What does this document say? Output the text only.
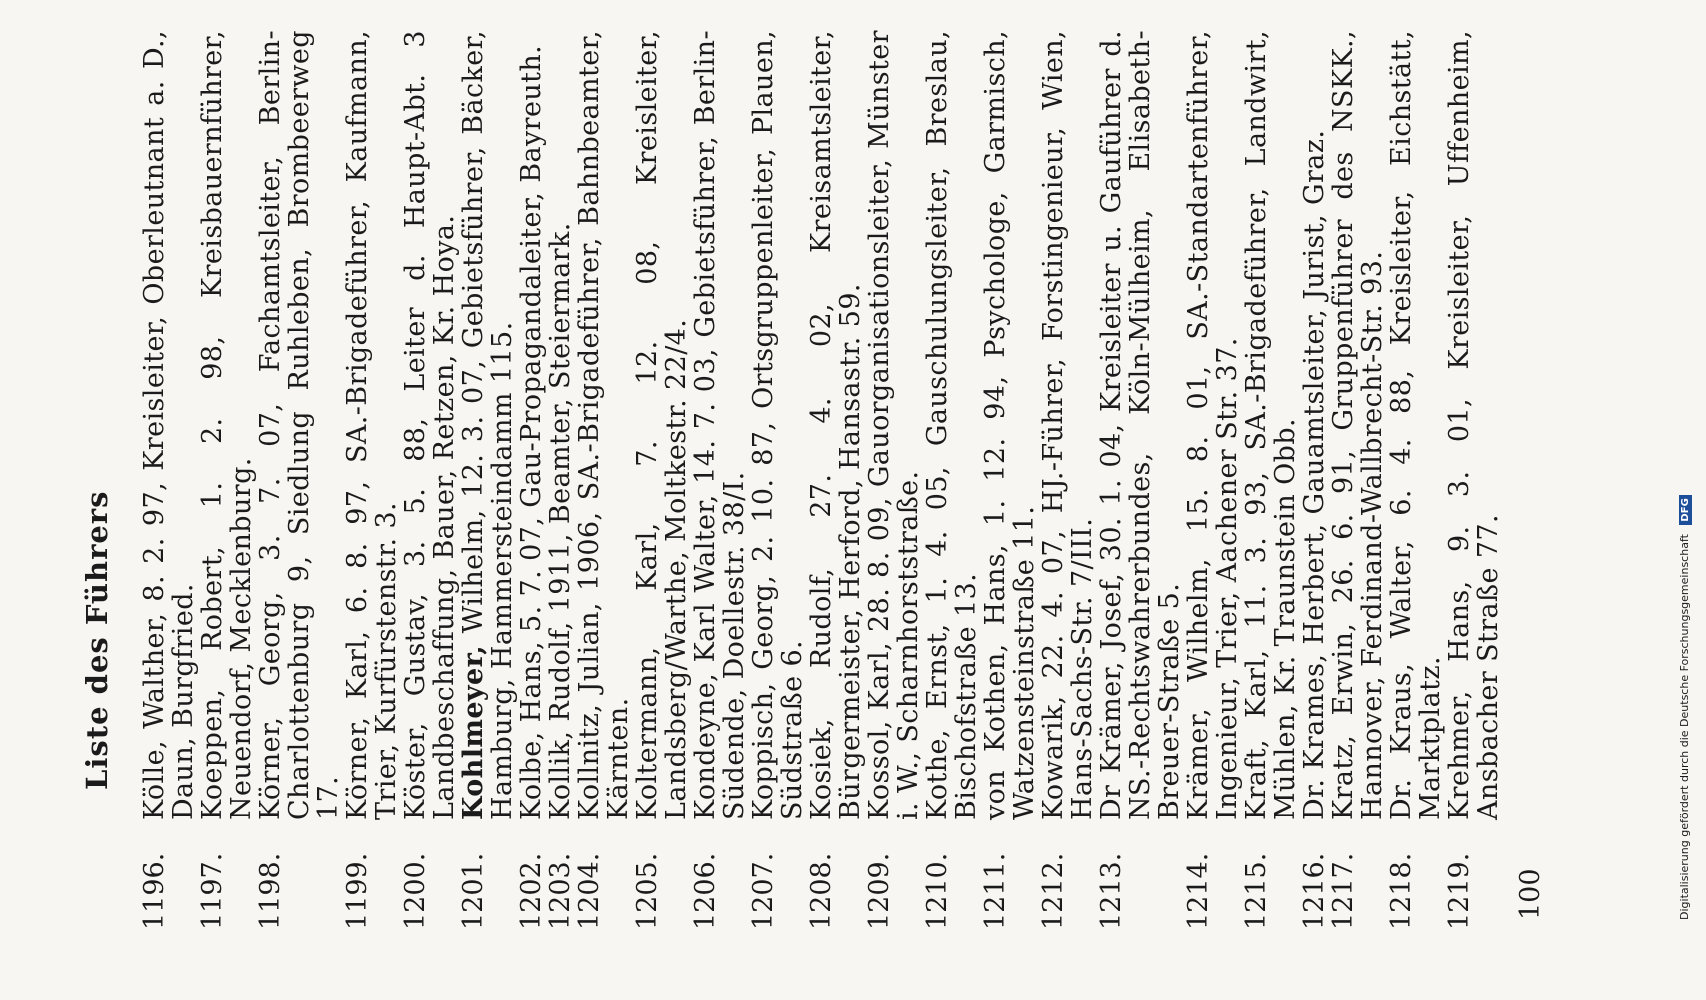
Liste des Führers
1196.
Kölle, Walther, 8. 2. 97, Kreisleiter, Oberleutnant a. D., Daun, Burgfried.
1197.
Koeppen, Robert, 1. 2. 98, Kreisbauernführer, Neuendorf, Mecklenburg.
1198.
Körner, Georg, 3. 7. 07, Fachamtsleiter, Berlin-Charlottenburg 9, Siedlung Ruhleben, Brombeerweg 17.
1199.
Körner, Karl, 6. 8. 97, SA.-Brigadeführer, Kaufmann, Trier, Kurfürstenstr. 3.
1200.
Köster, Gustav, 3. 5. 88, Leiter d. Haupt-Abt. 3 Landbeschaffung, Bauer, Retzen, Kr. Hoya.
1201.
Kohlmeyer, Wilhelm, 12. 3. 07, Gebietsführer, Bäcker, Hamburg, Hammersteindamm 115.
1202.
Kolbe, Hans, 5. 7. 07, Gau-Propagandaleiter, Bayreuth.
1203.
Kollik, Rudolf, 1911, Beamter, Steiermark.
1204.
Kollnitz, Julian, 1906, SA.-Brigadeführer, Bahnbeamter, Kärnten.
1205.
Koltermann, Karl, 7. 12. 08, Kreisleiter, Landsberg/Warthe, Moltkestr. 22/4.
1206.
Kondeyne, Karl Walter, 14. 7. 03, Gebietsführer, Berlin-Südende, Doellestr. 38/I.
1207.
Koppisch, Georg, 2. 10. 87, Ortsgruppenleiter, Plauen, Südstraße 6.
1208.
Kosiek, Rudolf, 27. 4. 02, Kreisamtsleiter, Bürgermeister, Herford, Hansastr. 59.
1209.
Kossol, Karl, 28. 8. 09, Gauorganisationsleiter, Münster i. W., Scharnhorststraße.
1210.
Kothe, Ernst, 1. 4. 05, Gauschulungsleiter, Breslau, Bischofstraße 13.
1211.
von Kothen, Hans, 1. 12. 94, Psychologe, Garmisch, Watzensteinstraße 11.
1212.
Kowarik, 22. 4. 07, HJ.-Führer, Forstingenieur, Wien, Hans-Sachs-Str. 7/III.
1213.
Dr Krämer, Josef, 30. 1. 04, Kreisleiter u. Gauführer d. NS.-Rechtswahrerbundes, Köln-Mülheim, Elisabeth-Breuer-Straße 5.
1214.
Krämer, Wilhelm, 15. 8. 01, SA.-Standartenführer, Ingenieur, Trier, Aachener Str. 37.
1215.
Kraft, Karl, 11. 3. 93, SA.-Brigadeführer, Landwirt, Mühlen, Kr. Traunstein Obb.
1216.
Dr. Krames, Herbert, Gauamtsleiter, Jurist, Graz.
1217.
Kratz, Erwin, 26. 6. 91, Gruppenführer des NSKK., Hannover, Ferdinand-Wallbrecht-Str. 93.
1218.
Dr. Kraus, Walter, 6. 4. 88, Kreisleiter, Eichstätt, Marktplatz.
1219.
Krehmer, Hans, 9. 3. 01, Kreisleiter, Uffenheim, Ansbacher Straße 77.
100	Digitalisierung gefördert durch die Deutsche Forschungsgemeinschaft DFG
